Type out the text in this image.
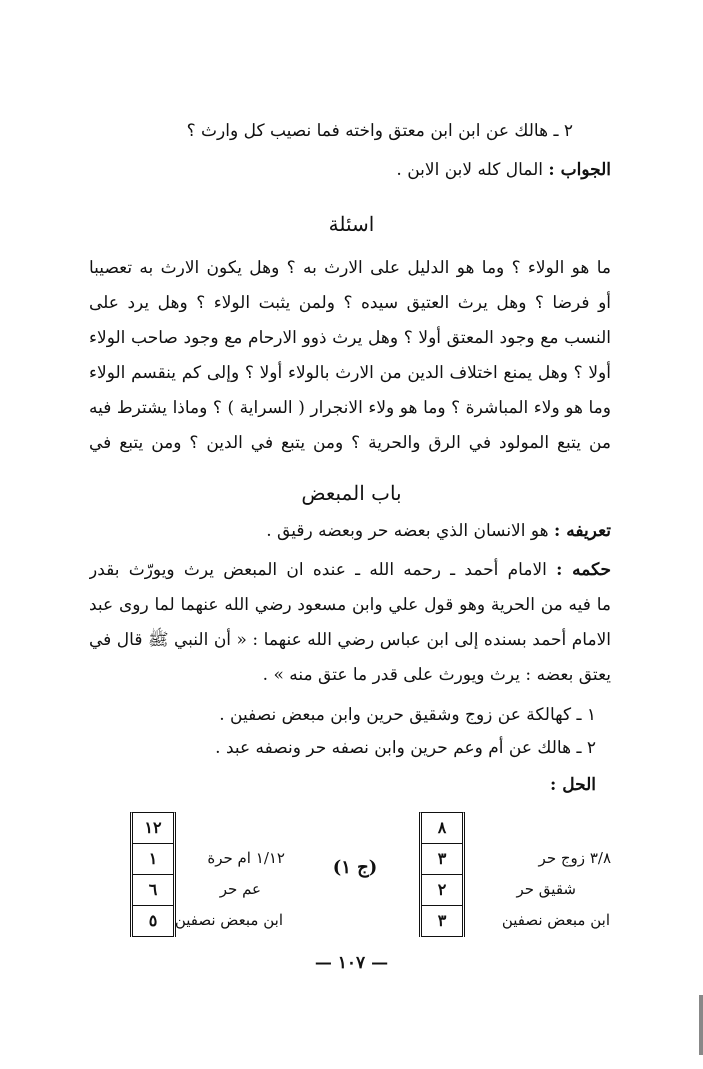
٢ ـ هالك عن ابن ابن معتق واخته فما نصيب كل وارث ؟
الجواب : المال كله لابن الابن .
اسئلة
ما هو الولاء ؟ وما هو الدليل على الارث به ؟ وهل يكون الارث به تعصيبا
أو فرضا ؟ وهل يرث العتيق سيده ؟ ولمن يثبت الولاء ؟ وهل يرد على
النسب مع وجود المعتق أولا ؟ وهل يرث ذوو الارحام مع وجود صاحب الولاء
أولا ؟ وهل يمنع اختلاف الدين من الارث بالولاء أولا ؟ وإلى كم ينقسم الولاء
وما هو ولاء المباشرة ؟ وما هو ولاء الانجرار ( السراية ) ؟ وماذا يشترط فيه
من يتبع المولود في الرق والحرية ؟ ومن يتبع في الدين ؟ ومن يتبع في
باب المبعض
تعريفه : هو الانسان الذي بعضه حر وبعضه رقيق .
حكمه : الامام أحمد ـ رحمه الله ـ عنده ان المبعض يرث ويورّث بقدر
ما فيه من الحرية وهو قول علي وابن مسعود رضي الله عنهما لما روى عبد
الامام أحمد بسنده إلى ابن عباس رضي الله عنهما : « أن النبي ﷺ قال في
يعتق بعضه : يرث ويورث على قدر ما عتق منه » .
١ ـ كهالكة عن زوج وشقيق حرين وابن مبعض نصفين .
٢ ـ هالك عن أم وعم حرين وابن نصفه حر ونصفه عبد .
الحل :
٨
٣
٢
٣
٣/٨ زوج حر
شقيق حر
ابن مبعض نصفين
(ج ١)
١٢
١
٦
٥
١/١٢ ام حرة
عم حر
ابن مبعض نصفين
— ١٠٧ —
